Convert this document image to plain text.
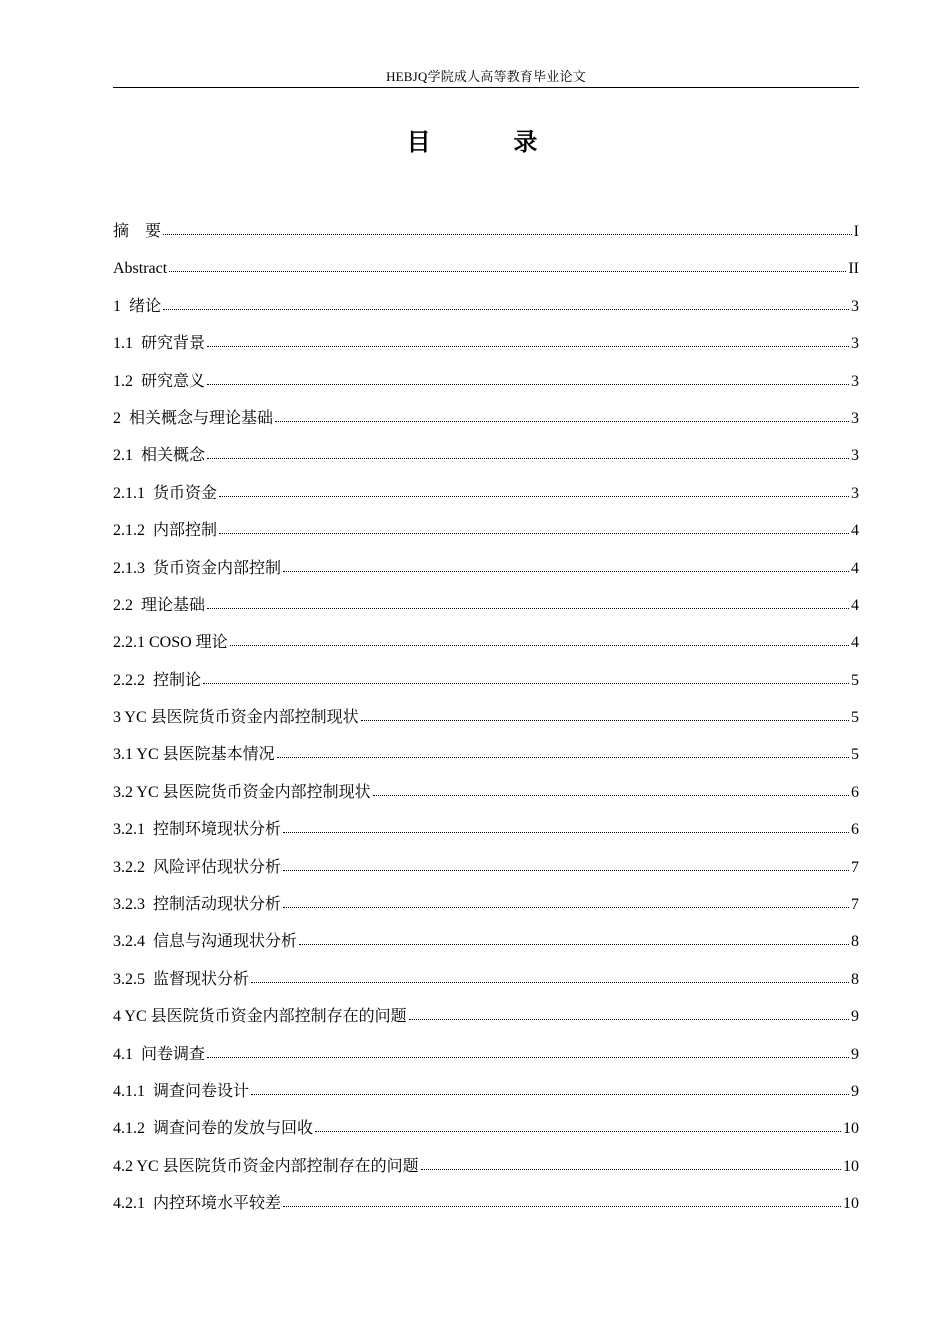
HEBJQ学院成人高等教育毕业论文
目  录
摘    要	I
Abstract	II
1  绪论	3
1.1  研究背景	3
1.2  研究意义	3
2  相关概念与理论基础	3
2.1  相关概念	3
2.1.1  货币资金	3
2.1.2  内部控制	4
2.1.3  货币资金内部控制	4
2.2  理论基础	4
2.2.1 COSO 理论	4
2.2.2  控制论	5
3 YC 县医院货币资金内部控制现状	5
3.1 YC 县医院基本情况	5
3.2 YC 县医院货币资金内部控制现状	6
3.2.1  控制环境现状分析	6
3.2.2  风险评估现状分析	7
3.2.3  控制活动现状分析	7
3.2.4  信息与沟通现状分析	8
3.2.5  监督现状分析	8
4 YC 县医院货币资金内部控制存在的问题	9
4.1  问卷调查	9
4.1.1  调查问卷设计	9
4.1.2  调查问卷的发放与回收	10
4.2 YC 县医院货币资金内部控制存在的问题	10
4.2.1  内控环境水平较差	10
